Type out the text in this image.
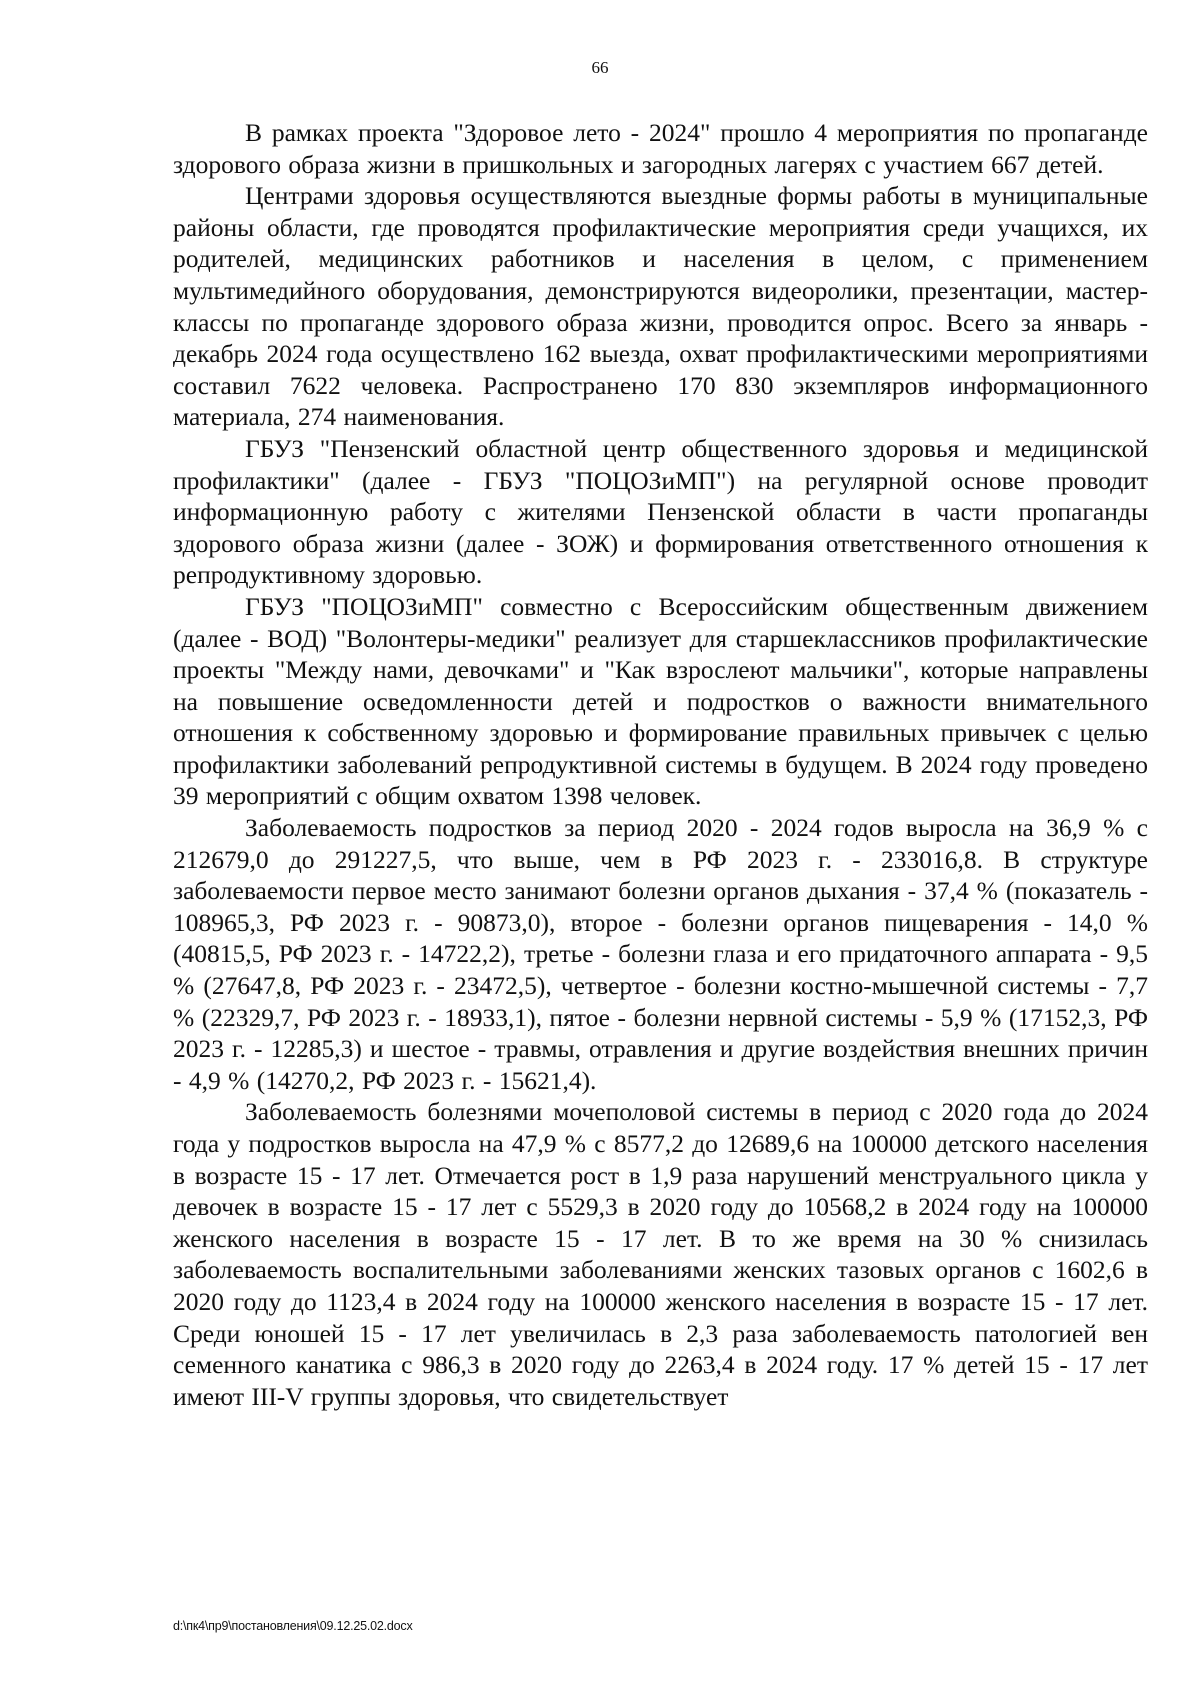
66

В рамках проекта "Здоровое лето - 2024" прошло 4 мероприятия по пропаганде здорового образа жизни в пришкольных и загородных лагерях с участием 667 детей.

Центрами здоровья осуществляются выездные формы работы в муниципальные районы области, где проводятся профилактические мероприятия среди учащихся, их родителей, медицинских работников и населения в целом, с применением мультимедийного оборудования, демонстрируются видеоролики, презентации, мастер-классы по пропаганде здорового образа жизни, проводится опрос. Всего за январь - декабрь 2024 года осуществлено 162 выезда, охват профилактическими мероприятиями составил 7622 человека. Распространено 170 830 экземпляров информационного материала, 274 наименования.

ГБУЗ "Пензенский областной центр общественного здоровья и медицинской профилактики" (далее - ГБУЗ "ПОЦОЗиМП") на регулярной основе проводит информационную работу с жителями Пензенской области в части пропаганды здорового образа жизни (далее - ЗОЖ) и формирования ответственного отношения к репродуктивному здоровью.

ГБУЗ "ПОЦОЗиМП" совместно с Всероссийским общественным движением (далее - ВОД) "Волонтеры-медики" реализует для старшеклассников профилактические проекты "Между нами, девочками" и "Как взрослеют мальчики", которые направлены на повышение осведомленности детей и подростков о важности внимательного отношения к собственному здоровью и формирование правильных привычек с целью профилактики заболеваний репродуктивной системы в будущем. В 2024 году проведено 39 мероприятий с общим охватом 1398 человек.

Заболеваемость подростков за период 2020 - 2024 годов выросла на 36,9 % с 212679,0 до 291227,5, что выше, чем в РФ 2023 г. - 233016,8. В структуре заболеваемости первое место занимают болезни органов дыхания - 37,4 % (показатель - 108965,3, РФ 2023 г. - 90873,0), второе - болезни органов пищеварения - 14,0 % (40815,5, РФ 2023 г. - 14722,2), третье - болезни глаза и его придаточного аппарата - 9,5 % (27647,8, РФ 2023 г. - 23472,5), четвертое - болезни костно-мышечной системы - 7,7 % (22329,7, РФ 2023 г. - 18933,1), пятое - болезни нервной системы - 5,9 % (17152,3, РФ 2023 г. - 12285,3) и шестое - травмы, отравления и другие воздействия внешних причин - 4,9 % (14270,2, РФ 2023 г. - 15621,4).

Заболеваемость болезнями мочеполовой системы в период с 2020 года до 2024 года у подростков выросла на 47,9 % с 8577,2 до 12689,6 на 100000 детского населения в возрасте 15 - 17 лет. Отмечается рост в 1,9 раза нарушений менструального цикла у девочек в возрасте 15 - 17 лет с 5529,3 в 2020 году до 10568,2 в 2024 году на 100000 женского населения в возрасте 15 - 17 лет. В то же время на 30 % снизилась заболеваемость воспалительными заболеваниями женских тазовых органов с 1602,6 в 2020 году до 1123,4 в 2024 году на 100000 женского населения в возрасте 15 - 17 лет. Среди юношей 15 - 17 лет увеличилась в 2,3 раза заболеваемость патологией вен семенного канатика с 986,3 в 2020 году до 2263,4 в 2024 году. 17 % детей 15 - 17 лет имеют III-V группы здоровья, что свидетельствует

d:\пк4\пр9\постановления\09.12.25.02.docx
